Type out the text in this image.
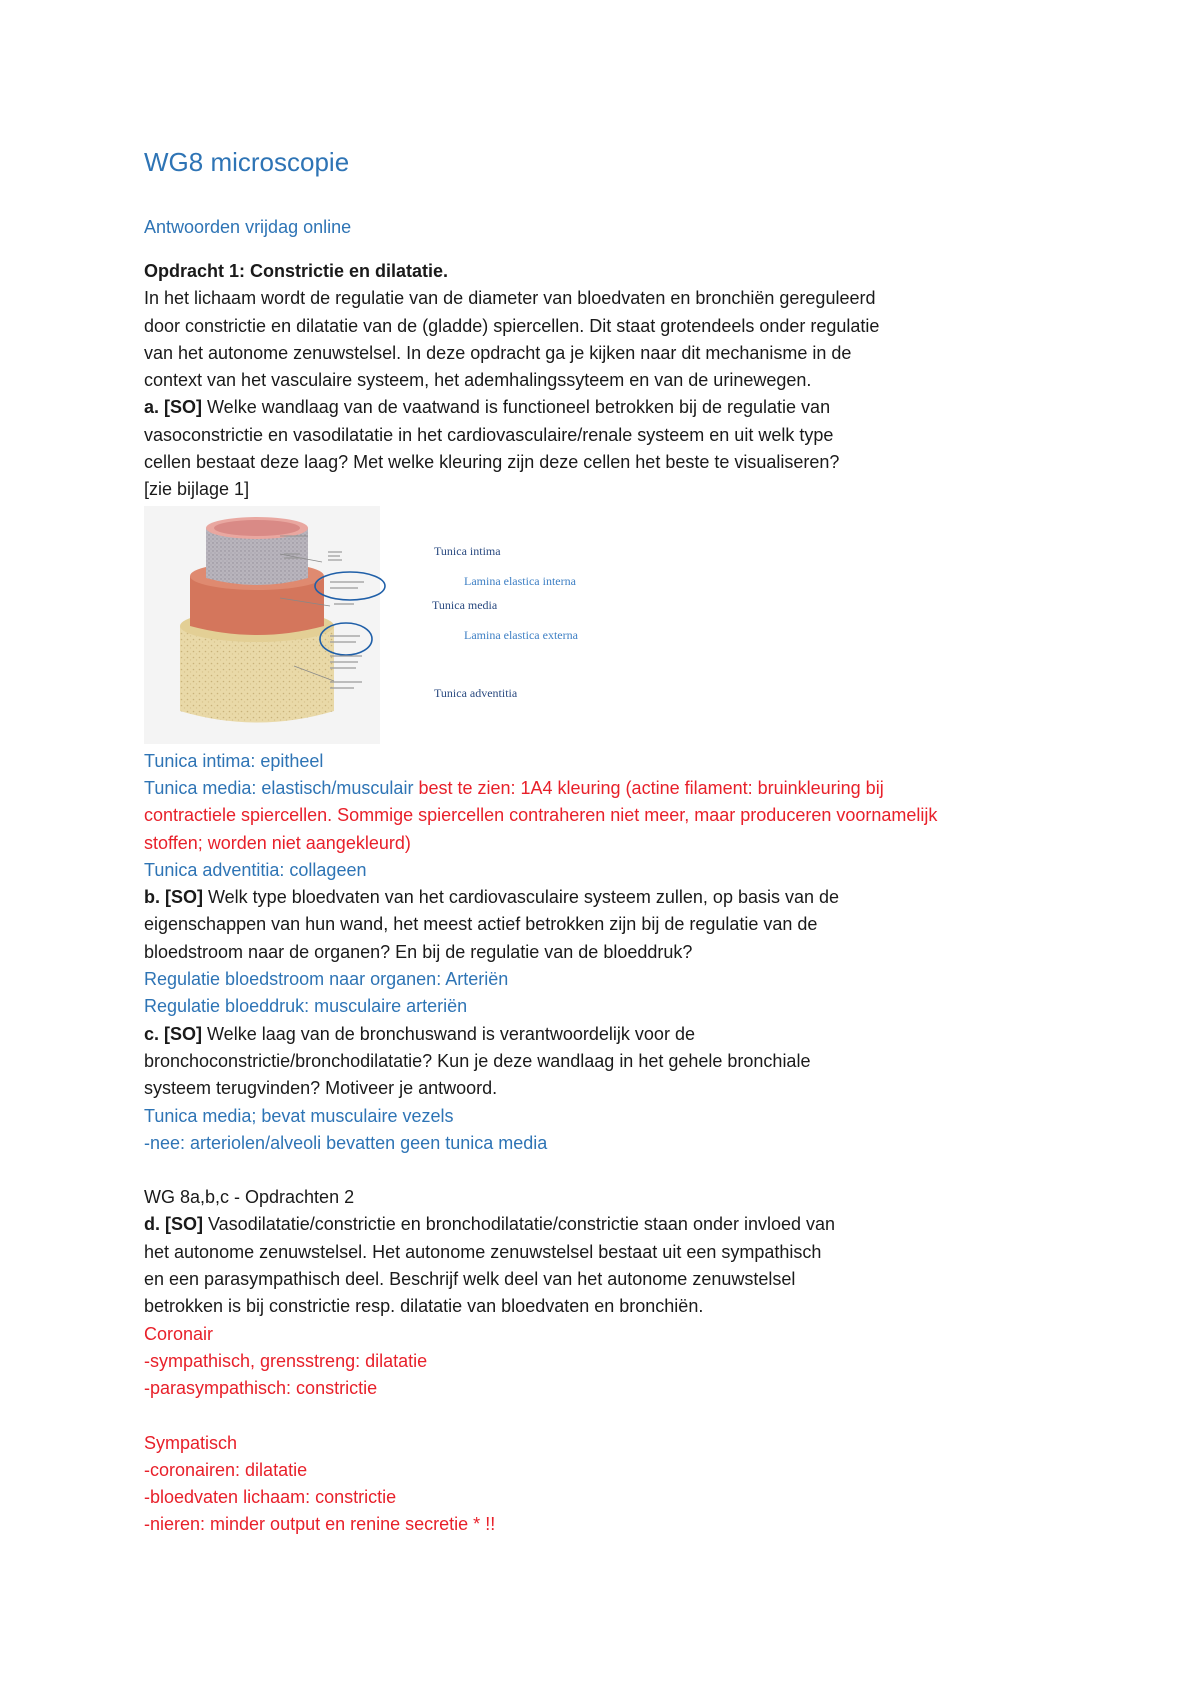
WG8 microscopie
Antwoorden vrijdag online

Opdracht 1: Constrictie en dilatatie.

In het lichaam wordt de regulatie van de diameter van bloedvaten en bronchiën gereguleerd

door constrictie en dilatatie van de (gladde) spiercellen. Dit staat grotendeels onder regulatie

van het autonome zenuwstelsel. In deze opdracht ga je kijken naar dit mechanisme in de

context van het vasculaire systeem, het ademhalingssyteem en van de urinewegen.

a. [SO] Welke wandlaag van de vaatwand is functioneel betrokken bij de regulatie van

vasoconstrictie en vasodilatatie in het cardiovasculaire/renale systeem en uit welk type

cellen bestaat deze laag? Met welke kleuring zijn deze cellen het beste te visualiseren?

[zie bijlage 1]

Tunica intima
Lamina elastica interna
Tunica media
Lamina elastica externa
Tunica adventitia

Tunica intima: epitheel

Tunica media: elastisch/musculair best te zien: 1A4 kleuring (actine filament: bruinkleuring bij

contractiele spiercellen. Sommige spiercellen contraheren niet meer, maar produceren voornamelijk

stoffen; worden niet aangekleurd)

Tunica adventitia: collageen

b. [SO] Welk type bloedvaten van het cardiovasculaire systeem zullen, op basis van de

eigenschappen van hun wand, het meest actief betrokken zijn bij de regulatie van de

bloedstroom naar de organen? En bij de regulatie van de bloeddruk?

Regulatie bloedstroom naar organen: Arteriën

Regulatie bloeddruk: musculaire arteriën

c. [SO] Welke laag van de bronchuswand is verantwoordelijk voor de

bronchoconstrictie/bronchodilatatie? Kun je deze wandlaag in het gehele bronchiale

systeem terugvinden? Motiveer je antwoord.

Tunica media; bevat musculaire vezels

-nee: arteriolen/alveoli bevatten geen tunica media

WG 8a,b,c - Opdrachten 2

d. [SO] Vasodilatatie/constrictie en bronchodilatatie/constrictie staan onder invloed van

het autonome zenuwstelsel. Het autonome zenuwstelsel bestaat uit een sympathisch

en een parasympathisch deel. Beschrijf welk deel van het autonome zenuwstelsel

betrokken is bij constrictie resp. dilatatie van bloedvaten en bronchiën.

Coronair

-sympathisch, grensstreng: dilatatie

-parasympathisch: constrictie

Sympatisch

-coronairen: dilatatie

-bloedvaten lichaam: constrictie

-nieren: minder output en renine secretie * !!
